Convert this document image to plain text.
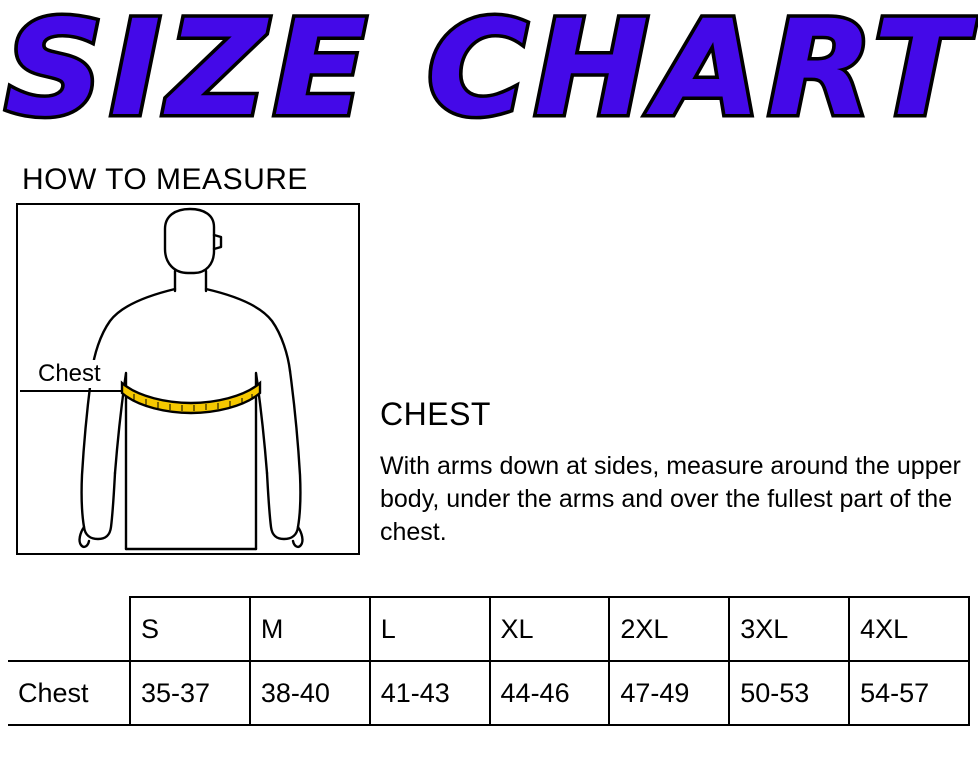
SIZE CHART
HOW TO MEASURE
Chest
CHEST
With arms down at sides, measure around the upper body, under the arms and over the fullest part of the chest.
	S	M	L	XL	2XL	3XL	4XL
Chest	35-37	38-40	41-43	44-46	47-49	50-53	54-57
